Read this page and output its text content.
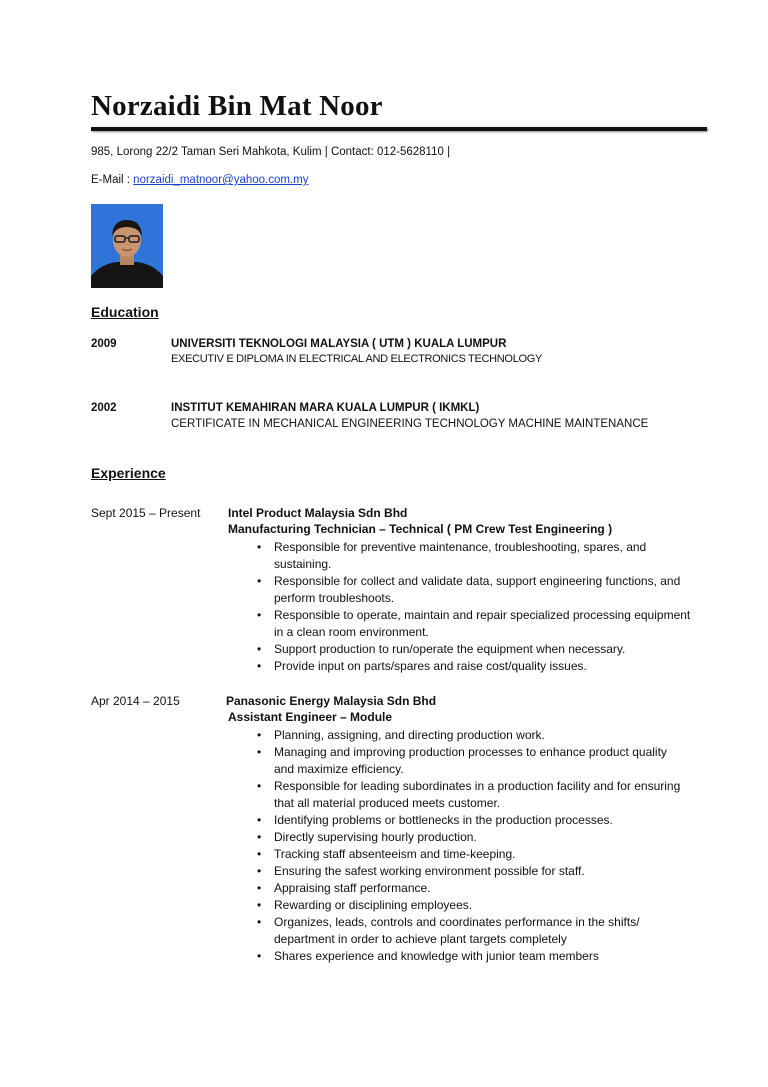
Norzaidi Bin Mat Noor
985, Lorong 22/2 Taman Seri Mahkota, Kulim | Contact: 012-5628110 |
E-Mail : norzaidi_matnoor@yahoo.com.my
Education
2009	UNIVERSITI TEKNOLOGI MALAYSIA ( UTM ) KUALA LUMPUR
EXECUTIV E DIPLOMA IN ELECTRICAL AND ELECTRONICS TECHNOLOGY
2002	INSTITUT KEMAHIRAN MARA KUALA LUMPUR ( IKMKL)
CERTIFICATE IN MECHANICAL ENGINEERING TECHNOLOGY MACHINE MAINTENANCE
Experience
Sept 2015 – Present Intel Product Malaysia Sdn Bhd
Manufacturing Technician – Technical ( PM Crew Test Engineering )
• Responsible for preventive maintenance, troubleshooting, spares, and sustaining.
• Responsible for collect and validate data, support engineering functions, and perform troubleshoots.
• Responsible to operate, maintain and repair specialized processing equipment in a clean room environment.
• Support production to run/operate the equipment when necessary.
• Provide input on parts/spares and raise cost/quality issues.
Apr 2014 – 2015	Panasonic Energy Malaysia Sdn Bhd
Assistant Engineer – Module
• Planning, assigning, and directing production work.
• Managing and improving production processes to enhance product quality and maximize efficiency.
• Responsible for leading subordinates in a production facility and for ensuring that all material produced meets customer.
• Identifying problems or bottlenecks in the production processes.
• Directly supervising hourly production.
• Tracking staff absenteeism and time-keeping.
• Ensuring the safest working environment possible for staff.
• Appraising staff performance.
• Rewarding or disciplining employees.
• Organizes, leads, controls and coordinates performance in the shifts/ department in order to achieve plant targets completely
• Shares experience and knowledge with junior team members
